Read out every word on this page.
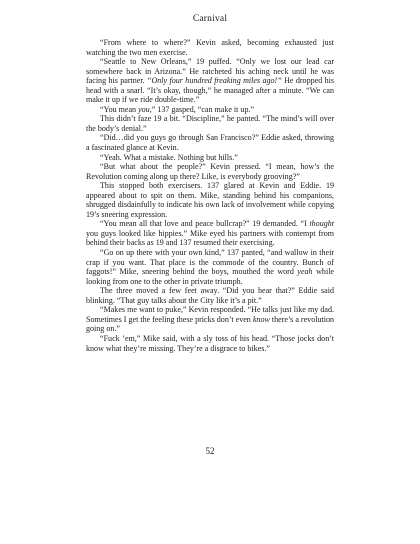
Carnival

“From where to where?” Kevin asked, becoming exhausted just watching the two men exercise.

“Seattle to New Orleans,” 19 puffed. “Only we lost our lead car somewhere back in Arizona.” He ratcheted his aching neck until he was facing his partner. “Only four hundred freaking miles ago!” He dropped his head with a snarl. “It’s okay, though,” he managed after a minute. “We can make it up if we ride double-time.”

“You mean you,” 137 gasped, “can make it up.”

This didn’t faze 19 a bit. “Discipline,” he panted. “The mind’s will over the body’s denial.”

“Did…did you guys go through San Francisco?” Eddie asked, throwing a fascinated glance at Kevin.

“Yeah. What a mistake. Nothing but hills.”

“But what about the people?” Kevin pressed. “I mean, how’s the Revolution coming along up there? Like, is everybody grooving?”

This stopped both exercisers. 137 glared at Kevin and Eddie. 19 appeared about to spit on them. Mike, standing behind his companions, shrugged disdainfully to indicate his own lack of involvement while copying 19’s sneering expression.

“You mean all that love and peace bullcrap?” 19 demanded. “I thought you guys looked like hippies.” Mike eyed his partners with contempt from behind their backs as 19 and 137 resumed their exercising.

“Go on up there with your own kind,” 137 panted, “and wallow in their crap if you want. That place is the commode of the country. Bunch of faggots!” Mike, sneering behind the boys, mouthed the word yeah while looking from one to the other in private triumph.

The three moved a few feet away. “Did you hear that?” Eddie said blinking. “That guy talks about the City like it’s a pit.”

“Makes me want to puke,” Kevin responded. “He talks just like my dad. Sometimes I get the feeling these pricks don’t even know there’s a revolution going on.”

“Fuck ’em,” Mike said, with a sly toss of his head. “Those jocks don’t know what they’re missing. They’re a disgrace to bikes.”

52
